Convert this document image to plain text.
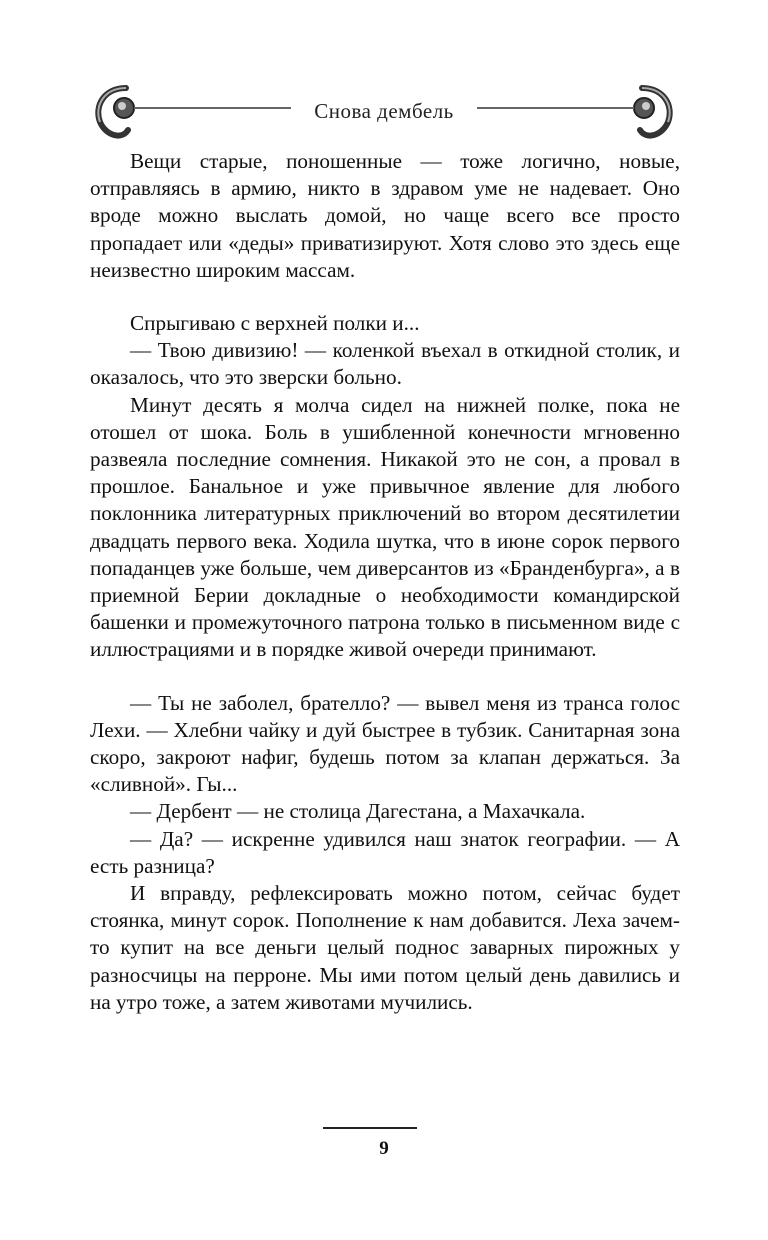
Снова дембель

Вещи старые, поношенные — тоже логично, новые, отправляясь в армию, никто в здравом уме не надевает. Оно вроде можно выслать домой, но чаще всего все просто пропадает или «деды» приватизируют. Хотя слово это здесь еще неизвестно широким массам.

Спрыгиваю с верхней полки и...

— Твою дивизию! — коленкой въехал в откидной столик, и оказалось, что это зверски больно.

Минут десять я молча сидел на нижней полке, пока не отошел от шока. Боль в ушибленной конечности мгновенно развеяла последние сомнения. Никакой это не сон, а провал в прошлое. Банальное и уже привычное явление для любого поклонника литературных приключений во втором десятилетии двадцать первого века. Ходила шутка, что в июне сорок первого попаданцев уже больше, чем диверсантов из «Бранденбурга», а в приемной Берии докладные о необходимости командирской башенки и промежуточного патрона только в письменном виде с иллюстрациями и в порядке живой очереди принимают.

— Ты не заболел, брателло? — вывел меня из транса голос Лехи. — Хлебни чайку и дуй быстрее в тубзик. Санитарная зона скоро, закроют нафиг, будешь потом за клапан держаться. За «сливной». Гы...

— Дербент — не столица Дагестана, а Махачкала.

— Да? — искренне удивился наш знаток географии. — А есть разница?

И вправду, рефлексировать можно потом, сейчас будет стоянка, минут сорок. Пополнение к нам добавится. Леха зачем-то купит на все деньги целый поднос заварных пирожных у разносчицы на перроне. Мы ими потом целый день давились и на утро тоже, а затем животами мучились.

9
